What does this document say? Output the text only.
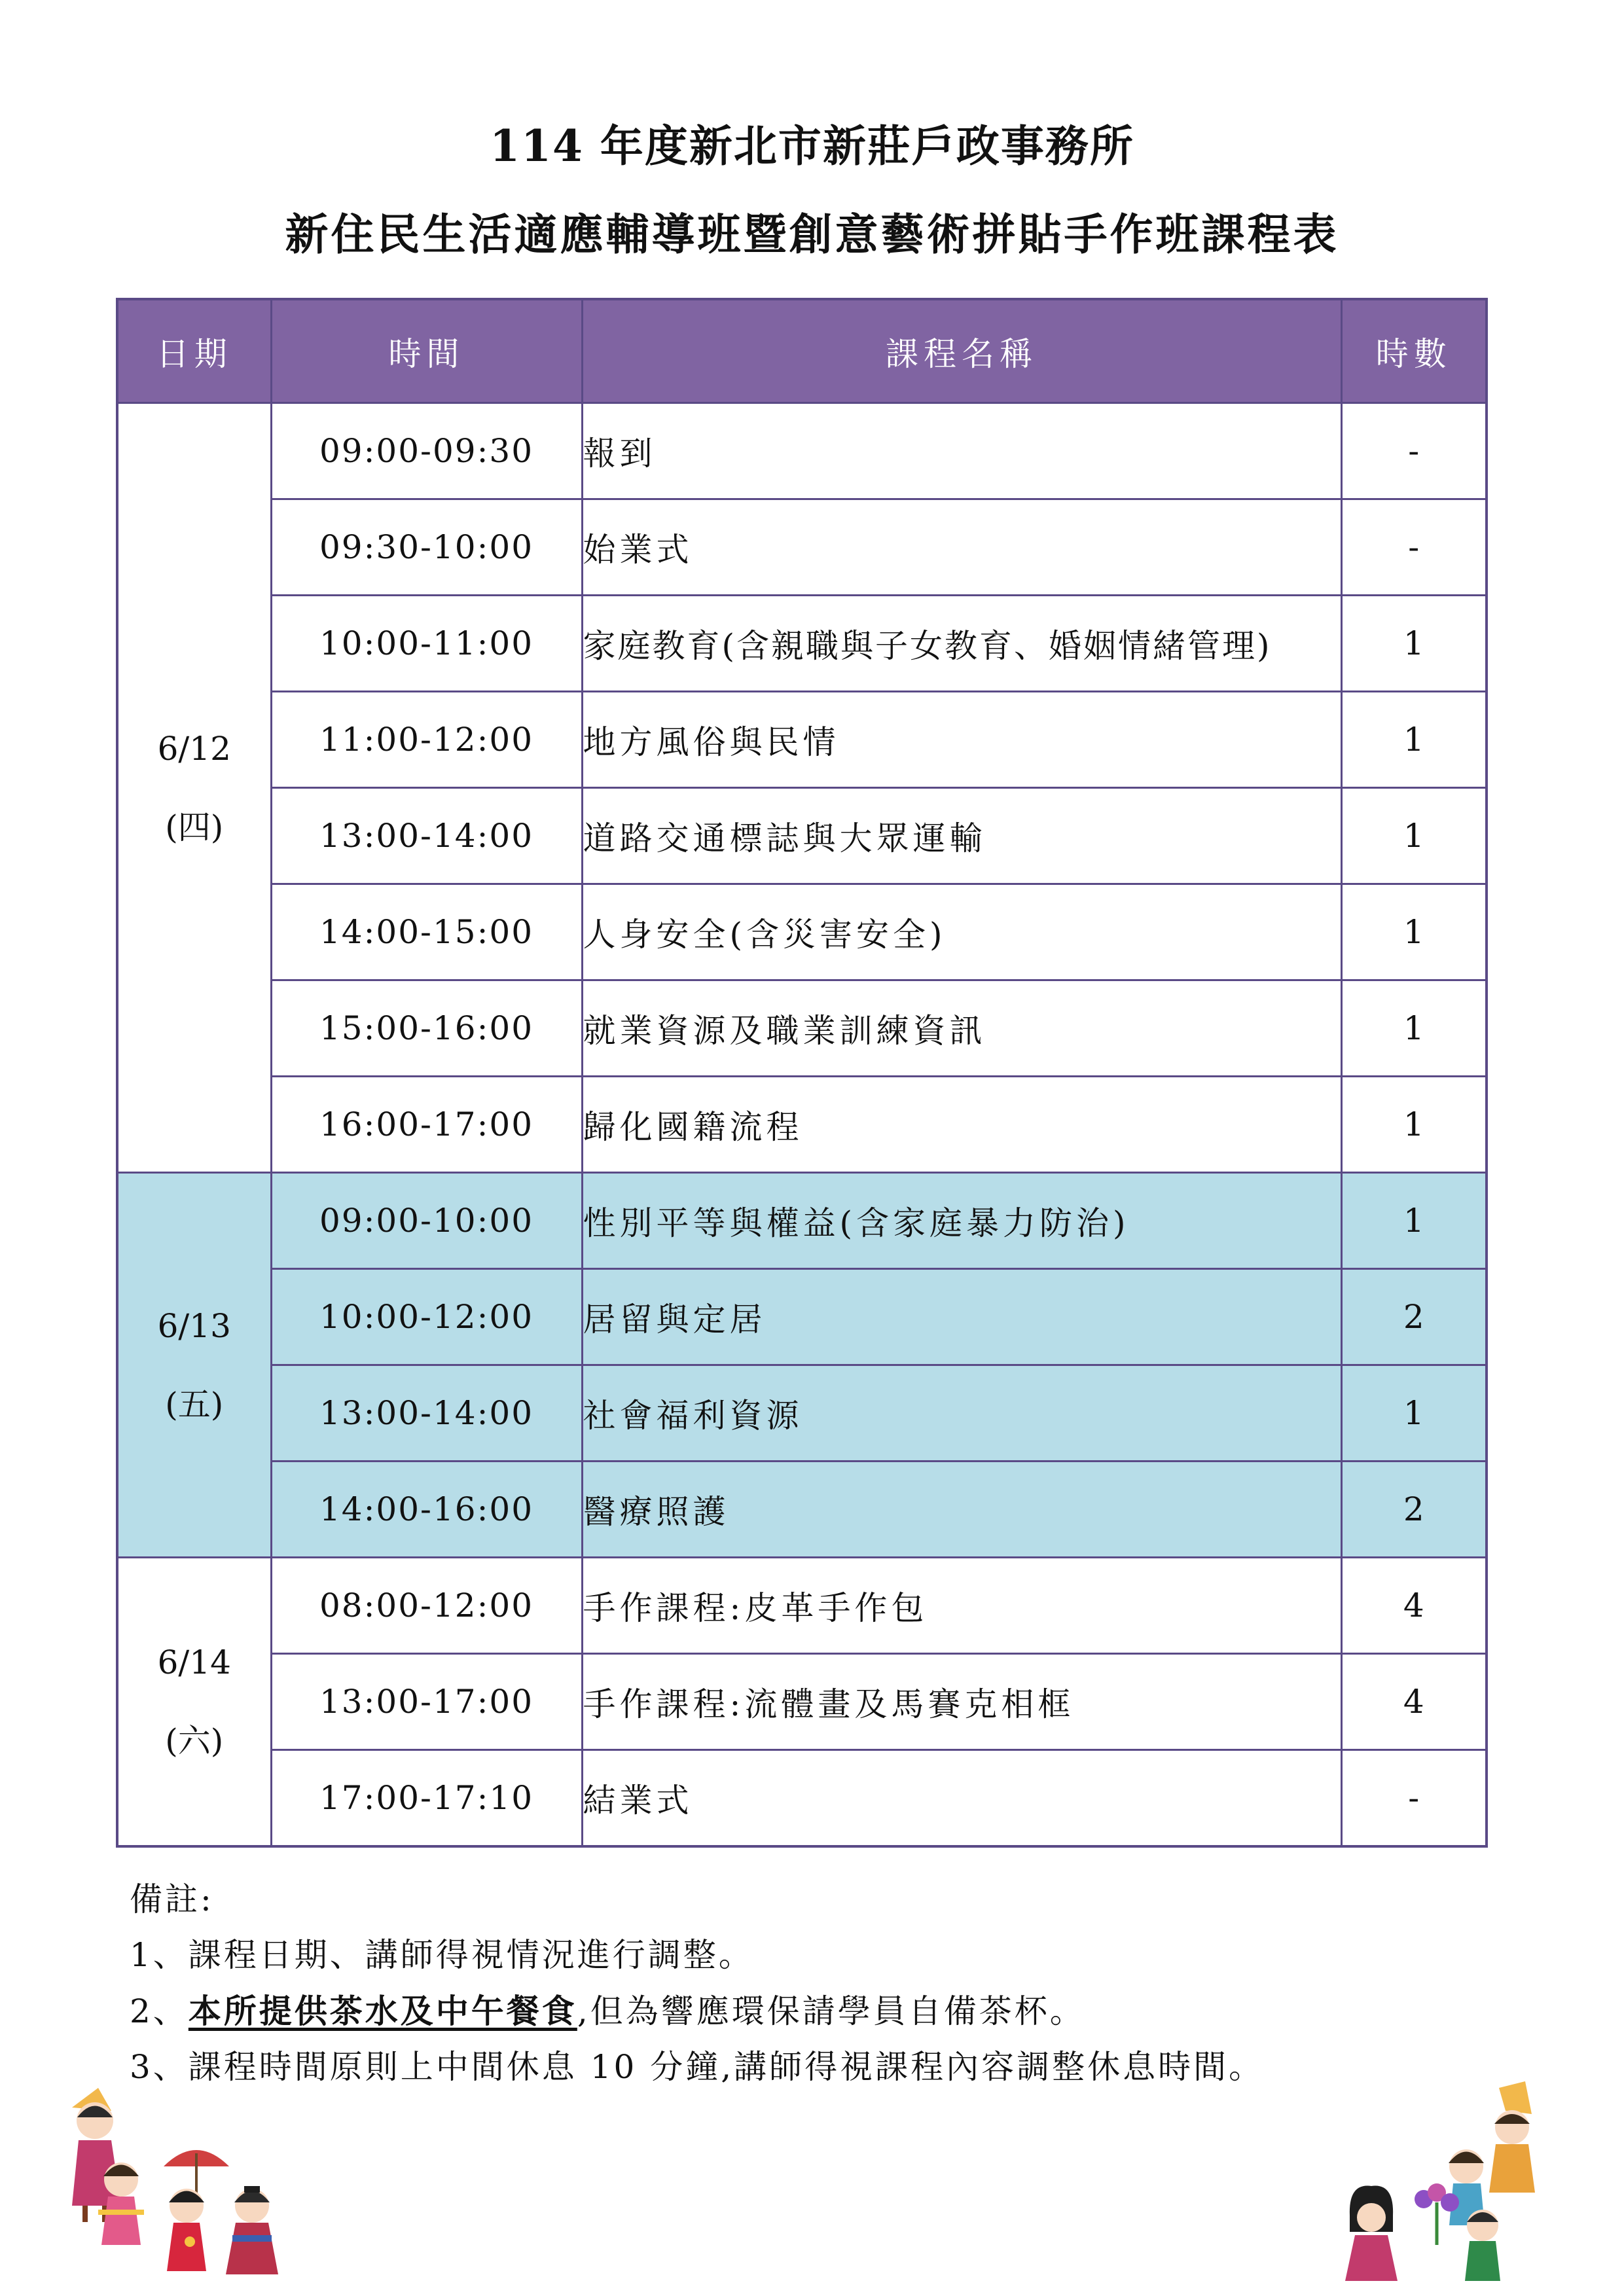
114 年度新北市新莊戶政事務所
新住民生活適應輔導班暨創意藝術拼貼手作班課程表
日期	時間	課程名稱	時數

6/12
(四)	09:00-09:30	報到	-
	09:30-10:00	始業式	-
	10:00-11:00	家庭教育(含親職與子女教育、婚姻情緒管理)	1
	11:00-12:00	地方風俗與民情	1
	13:00-14:00	道路交通標誌與大眾運輸	1
	14:00-15:00	人身安全(含災害安全)	1
	15:00-16:00	就業資源及職業訓練資訊	1
	16:00-17:00	歸化國籍流程	1

6/13
(五)	09:00-10:00	性別平等與權益(含家庭暴力防治)	1
	10:00-12:00	居留與定居	2
	13:00-14:00	社會福利資源	1
	14:00-16:00	醫療照護	2

6/14
(六)	08:00-12:00	手作課程:皮革手作包	4
	13:00-17:00	手作課程:流體畫及馬賽克相框	4
	17:00-17:10	結業式	-
備註:
1、課程日期、講師得視情況進行調整。
2、本所提供茶水及中午餐食,但為響應環保請學員自備茶杯。
3、課程時間原則上中間休息 10 分鐘,講師得視課程內容調整休息時間。
